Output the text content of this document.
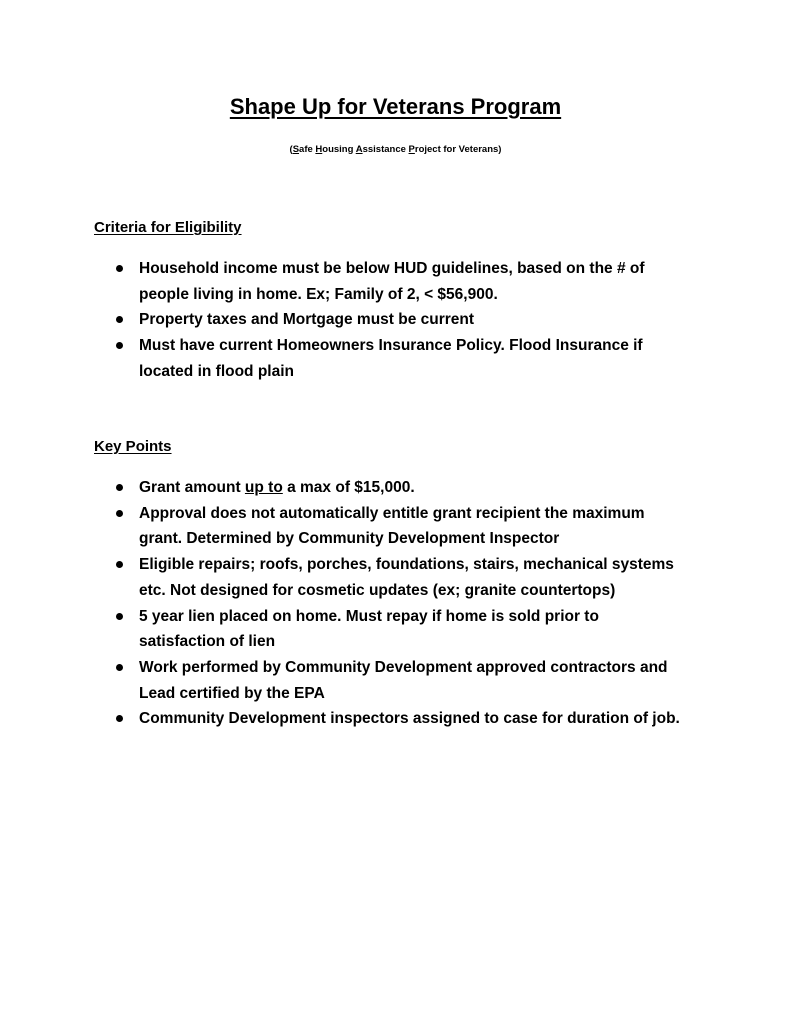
Shape Up for Veterans Program
(Safe Housing Assistance Project for Veterans)
Criteria for Eligibility
Household income must be below HUD guidelines, based on the # of
people living in home. Ex; Family of 2, < $56,900.
Property taxes and Mortgage must be current
Must have current Homeowners Insurance Policy. Flood Insurance if
located in flood plain
Key Points
Grant amount up to a max of $15,000.
Approval does not automatically entitle grant recipient the maximum
grant. Determined by Community Development Inspector
Eligible repairs; roofs, porches, foundations, stairs, mechanical systems
etc. Not designed for cosmetic updates (ex; granite countertops)
5 year lien placed on home. Must repay if home is sold prior to
satisfaction of lien
Work performed by Community Development approved contractors and
Lead certified by the EPA
Community Development inspectors assigned to case for duration of job.
